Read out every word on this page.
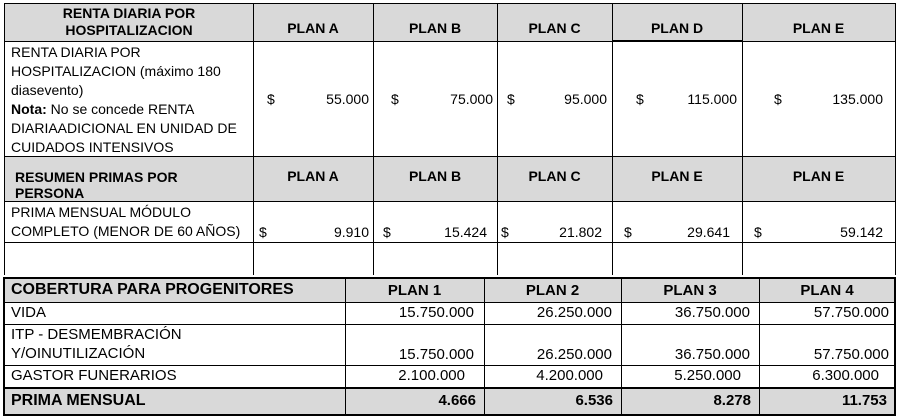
RENTA DIARIA POR HOSPITALIZACION	PLAN A	PLAN B	PLAN C	PLAN D	PLAN E
RENTA DIARIA POR HOSPITALIZACION (máximo 180 diasevento)
Nota: No se concede RENTA DIARIAADICIONAL EN UNIDAD DE CUIDADOS INTENSIVOS
$	55.000 $	75.000 $	95.000 $	115.000	$	135.000
RESUMEN PRIMAS POR PERSONA
PLAN A	PLAN B	PLAN C	PLAN E	PLAN E
PRIMA MENSUAL MÓDULO COMPLETO (MENOR DE 60 AÑOS)	$	9.910 $	15.424 $	21.802 $	29.641 $	59.142
COBERTURA PARA PROGENITORES	PLAN 1	PLAN 2	PLAN 3	PLAN 4
VIDA	15.750.000	26.250.000	36.750.000	57.750.000
ITP - DESMEMBRACIÓN Y/OINUTILIZACIÓN	15.750.000	26.250.000	36.750.000	57.750.000
GASTOR FUNERARIOS	2.100.000	4.200.000	5.250.000	6.300.000
PRIMA MENSUAL	4.666	6.536	8.278	11.753
